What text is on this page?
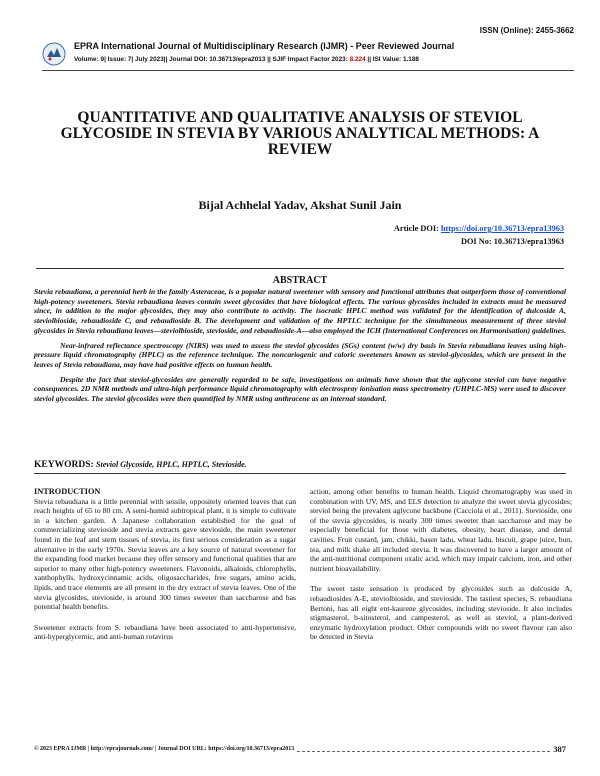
ISSN (Online): 2455-3662
EPRA International Journal of Multidisciplinary Research (IJMR) - Peer Reviewed Journal
Volume: 9| Issue: 7| July 2023|| Journal DOI: 10.36713/epra2013 || SJIF Impact Factor 2023: 8.224 || ISI Value: 1.188
QUANTITATIVE AND QUALITATIVE ANALYSIS OF STEVIOL GLYCOSIDE IN STEVIA BY VARIOUS ANALYTICAL METHODS: A REVIEW
Bijal Achhelal Yadav, Akshat Sunil Jain
Article DOI: https://doi.org/10.36713/epra13963
DOI No: 10.36713/epra13963
ABSTRACT

Stevia rebaudiana, a perennial herb in the family Asteraceae, is a popular natural sweetener with sensory and functional attributes that outperform those of conventional high-potency sweeteners. Stevia rebaudiana leaves contain sweet glycosides that have biological effects. The various glycosides included in extracts must be measured since, in addition to the major glycosides, they may also contribute to activity. The isocratic HPLC method was validated for the identification of dulcoside A, steviolbioside, rebaudioside C, and rebaudioside B. The development and validation of the HPTLC technique for the simultaneous measurement of three steviol glycosides in Stevia rebaudiana leaves—steviolbioside, stevioside, and rebaudioside-A—also employed the ICH (International Conferences on Harmonisation) guidelines.

Near-infrared reflectance spectroscopy (NIRS) was used to assess the steviol glycosides (SGs) content (w/w) dry basis in Stevia rebaudiana leaves using high-pressure liquid chromatography (HPLC) as the reference technique. The noncariogenic and caloric sweeteners known as steviol-glycosides, which are present in the leaves of Stevia rebaudiana, may have had positive effects on human health.

Despite the fact that steviol-glycosides are generally regarded to be safe, investigations on animals have shown that the aglycone steviol can have negative consequences. 2D NMR methods and ultra-high performance liquid chromatography with electrospray ionisation mass spectrometry (UHPLC-MS) were used to discover steviol glycosides. The steviol glycosides were then quantified by NMR using anthracene as an internal standard.

KEYWORDS: Steviol Glycoside, HPLC, HPTLC, Stevioside.
INTRODUCTION

Stevia rebaudiana is a little perennial with sessile, oppositely oriented leaves that can reach heights of 65 to 80 cm. A semi-humid subtropical plant, it is simple to cultivate in a kitchen garden. A Japanese collaboration established for the goal of commercializing stevioside and stevia extracts gave stevioside, the main sweetener found in the leaf and stem tissues of stevia, its first serious consideration as a sugar alternative in the early 1970s. Stevia leaves are a key source of natural sweetener for the expanding food market because they offer sensory and functional qualities that are superior to many other high-potency sweeteners. Flavonoids, alkaloids, chlorophylls, xanthophylls, hydroxycinnamic acids, oligosaccharides, free sugars, amino acids, lipids, and trace elements are all present in the dry extract of stevia leaves. One of the stevia glycosides, stevioside, is around 300 times sweeter than saccharose and has potential health benefits.

Sweetener extracts from S. rebaudiana have been associated to anti-hypertensive, anti-hyperglycemic, and anti-human rotavirus

action, among other benefits to human health. Liquid chromatography was used in combination with UV, MS, and ELS detection to analyze the sweet stevia glycosides; steviol being the prevalent aglycone backbone (Cacciola et al., 2011). Stevioside, one of the stevia glycosides, is nearly 300 times sweeter than saccharose and may be especially beneficial for those with diabetes, obesity, heart disease, and dental cavities. Fruit custard, jam, chikki, basen ladu, wheat ladu, biscuit, grape juice, bun, tea, and milk shake all included stevia. It was discovered to have a larger amount of the anti-nutritional component oxalic acid, which may impair calcium, iron, and other nutrient bioavailability.

The sweet taste sensation is produced by glycosides such as dulcoside A, rebaudiosides A-E, steviolbioside, and stevioside. The tastiest species, S. rebaudiana Bertoni, has all eight ent-kaurene glycosides, including stevioside. It also includes stigmasterol, b-sitosterol, and campesterol, as well as steviol, a plant-derived enzymatic hydroxylation product. Other compounds with no sweet flavour can also be detected in Stevia

© 2023 EPRA IJMR | http://eprajournals.com/ | Journal DOI URL: https://doi.org/10.36713/epra2013	387
